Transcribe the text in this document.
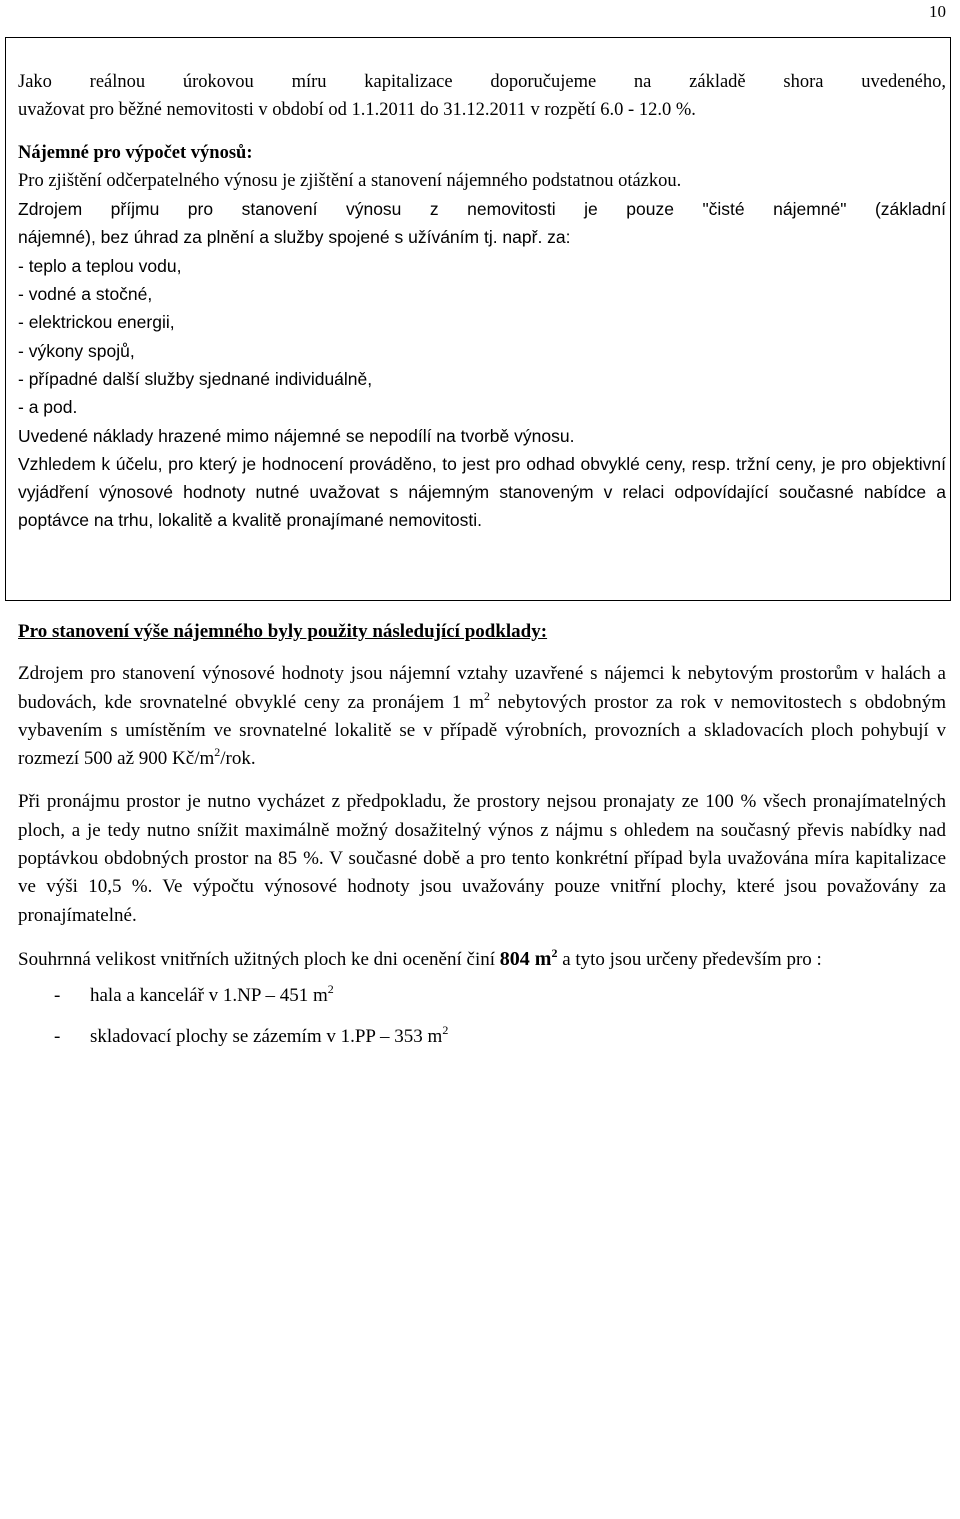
10

Jako reálnou úrokovou míru kapitalizace doporučujeme na základě shora uvedeného,

uvažovat pro běžné nemovitosti v období od 1.1.2011 do 31.12.2011 v rozpětí 6.0 - 12.0 %.

Nájemné pro výpočet výnosů:

Pro zjištění odčerpatelného výnosu je zjištění a stanovení nájemného podstatnou otázkou.

Zdrojem příjmu pro stanovení výnosu z nemovitosti je pouze "čisté nájemné" (základní

nájemné), bez úhrad za plnění a služby spojené s užíváním tj. např. za:

- teplo a teplou vodu,

- vodné a stočné,

- elektrickou energii,

- výkony spojů,

- případné další služby sjednané individuálně,

- a pod.

Uvedené náklady hrazené mimo nájemné se nepodílí na tvorbě výnosu.

Vzhledem k účelu, pro který je hodnocení prováděno, to jest pro odhad obvyklé ceny, resp. tržní ceny, je pro objektivní vyjádření výnosové hodnoty nutné uvažovat s nájemným stanoveným v relaci odpovídající současné nabídce a poptávce na trhu, lokalitě a kvalitě pronajímané nemovitosti.

Pro stanovení výše nájemného byly použity následující podklady:

Zdrojem pro stanovení výnosové hodnoty jsou nájemní vztahy uzavřené s nájemci k nebytovým prostorům v halách a budovách, kde srovnatelné obvyklé ceny za pronájem 1 $m^2$ nebytových prostor za rok v nemovitostech s obdobným vybavením s umístěním ve srovnatelné lokalitě se v případě výrobních, provozních a skladovacích ploch pohybují v rozmezí 500 až 900 $Kč/m^2$/rok.

Při pronájmu prostor je nutno vycházet z předpokladu, že prostory nejsou pronajaty ze 100 % všech pronajímatelných ploch, a je tedy nutno snížit maximálně možný dosažitelný výnos z nájmu s ohledem na současný převis nabídky nad poptávkou obdobných prostor na 85 %. V současné době a pro tento konkrétní případ byla uvažována míra kapitalizace ve výši 10,5 %. Ve výpočtu výnosové hodnoty jsou uvažovány pouze vnitřní plochy, které jsou považovány za pronajímatelné.

Souhrnná velikost vnitřních užitných ploch ke dni ocenění činí 804 $m^2$ a tyto jsou určeny především pro :

- hala a kancelář v 1.NP – 451 $m^2$
- skladovací plochy se zázemím v 1.PP – 353 $m^2$
